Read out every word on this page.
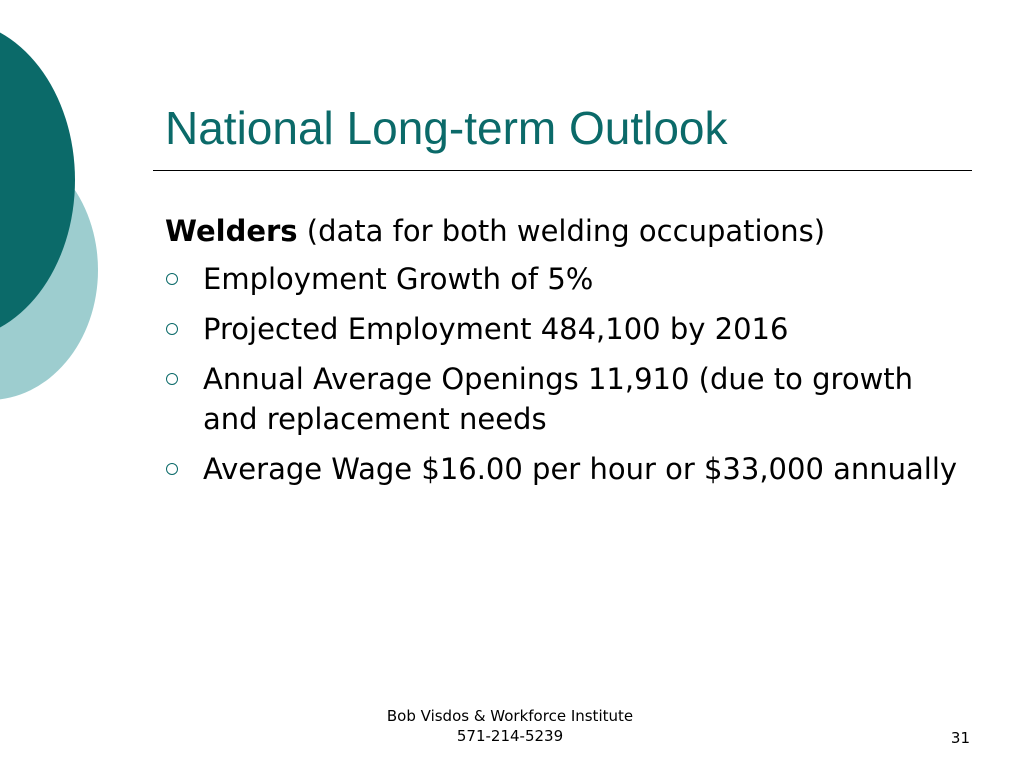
National Long-term Outlook

Welders (data for both welding occupations)

Employment Growth of 5%
Projected Employment 484,100 by 2016
Annual Average Openings 11,910 (due to growth and replacement needs
Average Wage $16.00 per hour or $33,000 annually
Bob Visdos & Workforce Institute
571-214-5239	31
